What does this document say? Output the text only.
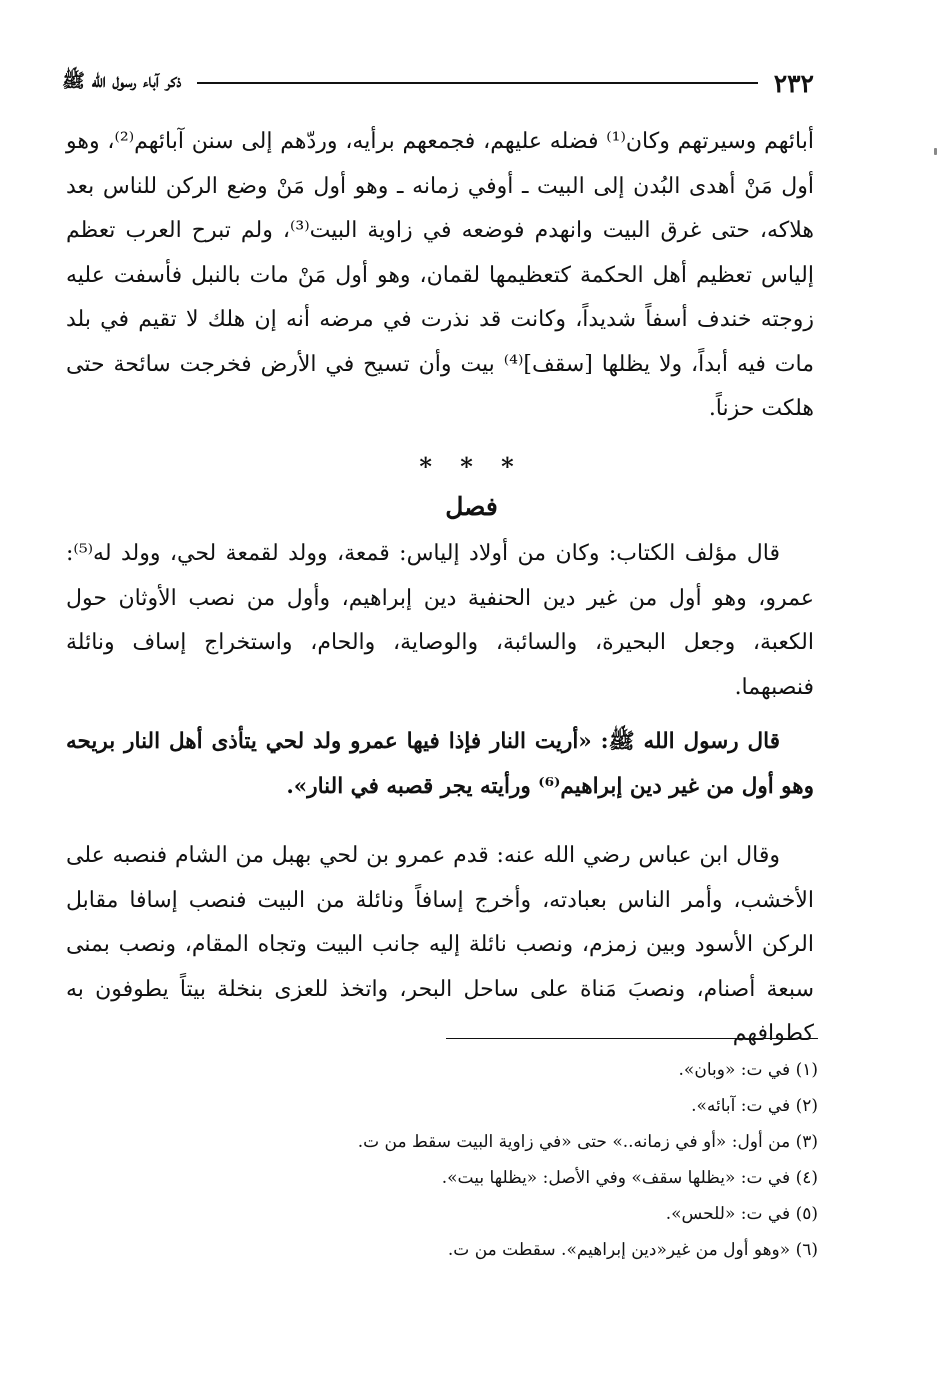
٢٣٢
ذكر آباء رسول الله ﷺ

أبائهم وسيرتهم وكان⁽¹⁾ فضله عليهم، فجمعهم برأيه، وردّهم إلى سنن آبائهم⁽²⁾، وهو أول مَنْ أهدى البُدن إلى البيت ـ أوفي زمانه ـ وهو أول مَنْ وضع الركن للناس بعد هلاكه، حتى غرق البيت وانهدم فوضعه في زاوية البيت⁽³⁾، ولم تبرح العرب تعظم إلياس تعظيم أهل الحكمة كتعظيمها لقمان، وهو أول مَنْ مات بالنبل فأسفت عليه زوجته خندف أسفاً شديداً، وكانت قد نذرت في مرضه أنه إن هلك لا تقيم في بلد مات فيه أبداً، ولا يظلها [سقف]⁽⁴⁾ بيت وأن تسيح في الأرض فخرجت سائحة حتى هلكت حزناً.

* * *
فصل

قال مؤلف الكتاب: وكان من أولاد إلياس: قمعة، وولد لقمعة لحي، وولد له⁽⁵⁾: عمرو، وهو أول من غير دين الحنفية دين إبراهيم، وأول من نصب الأوثان حول الكعبة، وجعل البحيرة، والسائبة، والوصاية، والحام، واستخراج إساف ونائلة فنصبهما.

قال رسول الله ﷺ: «أريت النار فإذا فيها عمرو ولد لحي يتأذى أهل النار بريحه وهو أول من غير دين إبراهيم⁽⁶⁾ ورأيته يجر قصبه في النار».

وقال ابن عباس رضي الله عنه: قدم عمرو بن لحي بهبل من الشام فنصبه على الأخشب، وأمر الناس بعبادته، وأخرج إسافاً ونائلة من البيت فنصب إسافا مقابل الركن الأسود وبين زمزم، ونصب نائلة إليه جانب البيت وتجاه المقام، ونصب بمنى سبعة أصنام، ونصبَ مَناة على ساحل البحر، واتخذ للعزى بنخلة بيتاً يطوفون به كطوافهم

(١) في ت: «وبان».
(٢) في ت: آبائه».
(٣) من أول: «أو في زمانه..» حتى «في زاوية البيت سقط من ت.
(٤) في ت: «يظلها سقف» وفي الأصل: «يظلها بيت».
(٥) في ت: «للحس».
(٦) «وهو أول من غير«دين إبراهيم». سقطت من ت.
